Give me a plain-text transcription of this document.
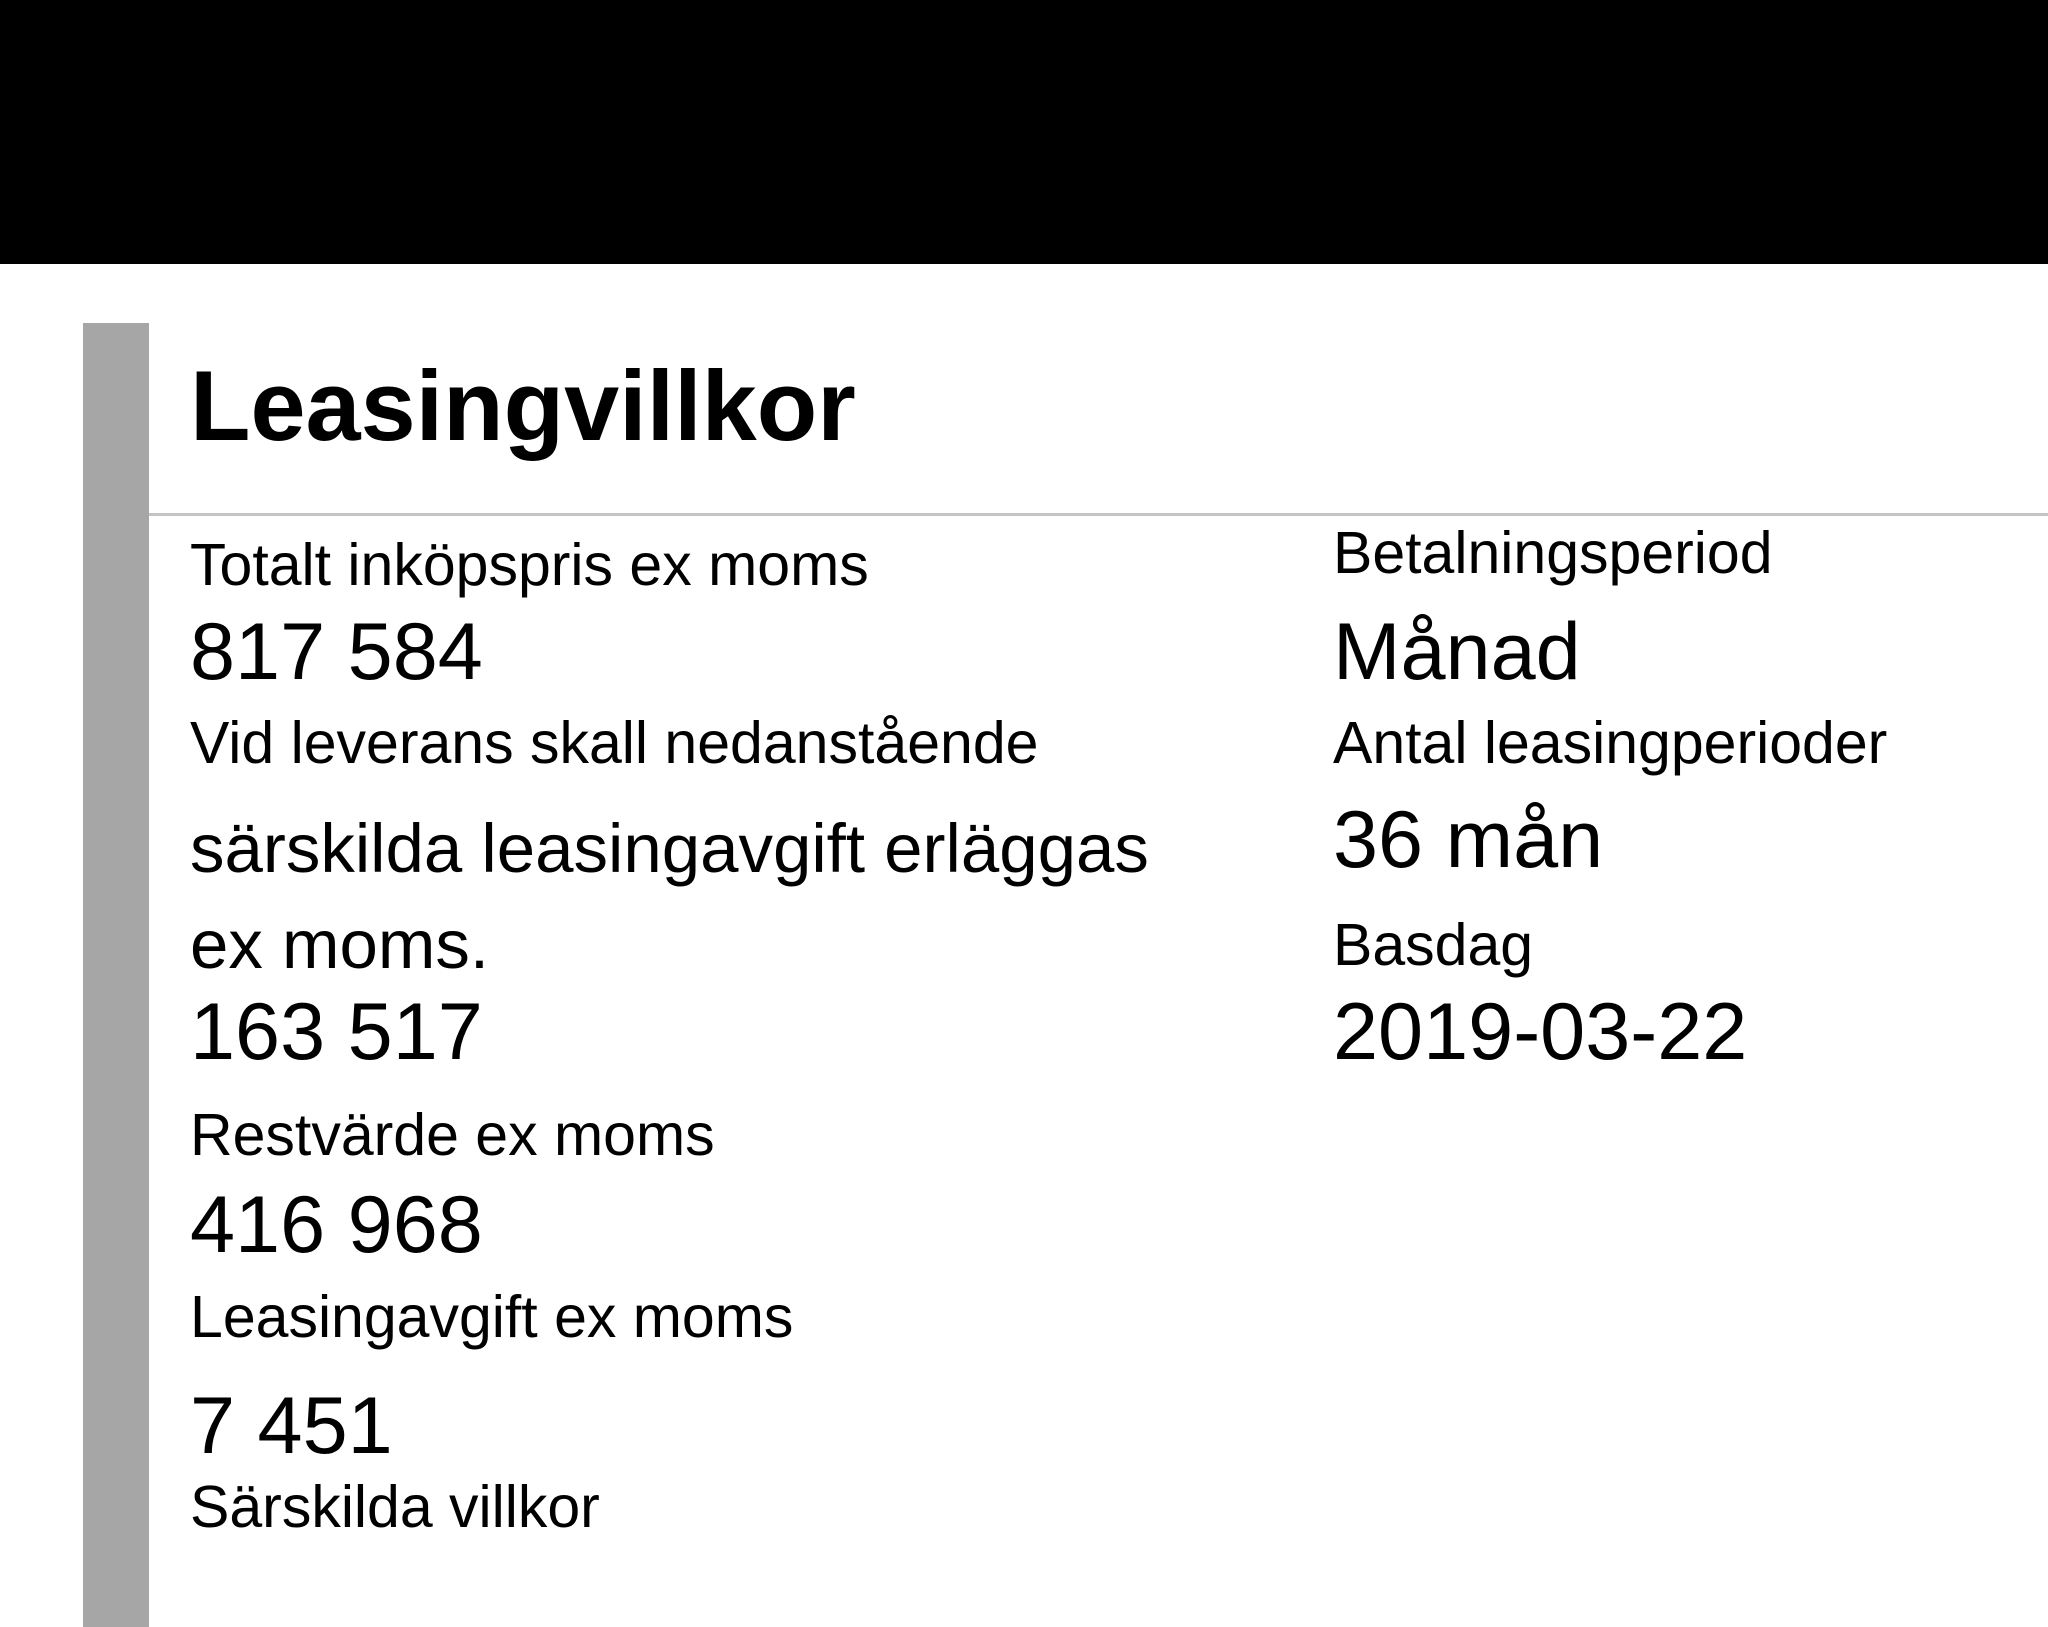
Leasingvillkor
Totalt inköpspris ex moms
817 584
Vid leverans skall nedanstående
särskilda leasingavgift erläggas
ex moms.
163 517
Restvärde ex moms
416 968
Leasingavgift ex moms
7 451
Särskilda villkor
Betalningsperiod
Månad
Antal leasingperioder
36 mån
Basdag
2019-03-22
